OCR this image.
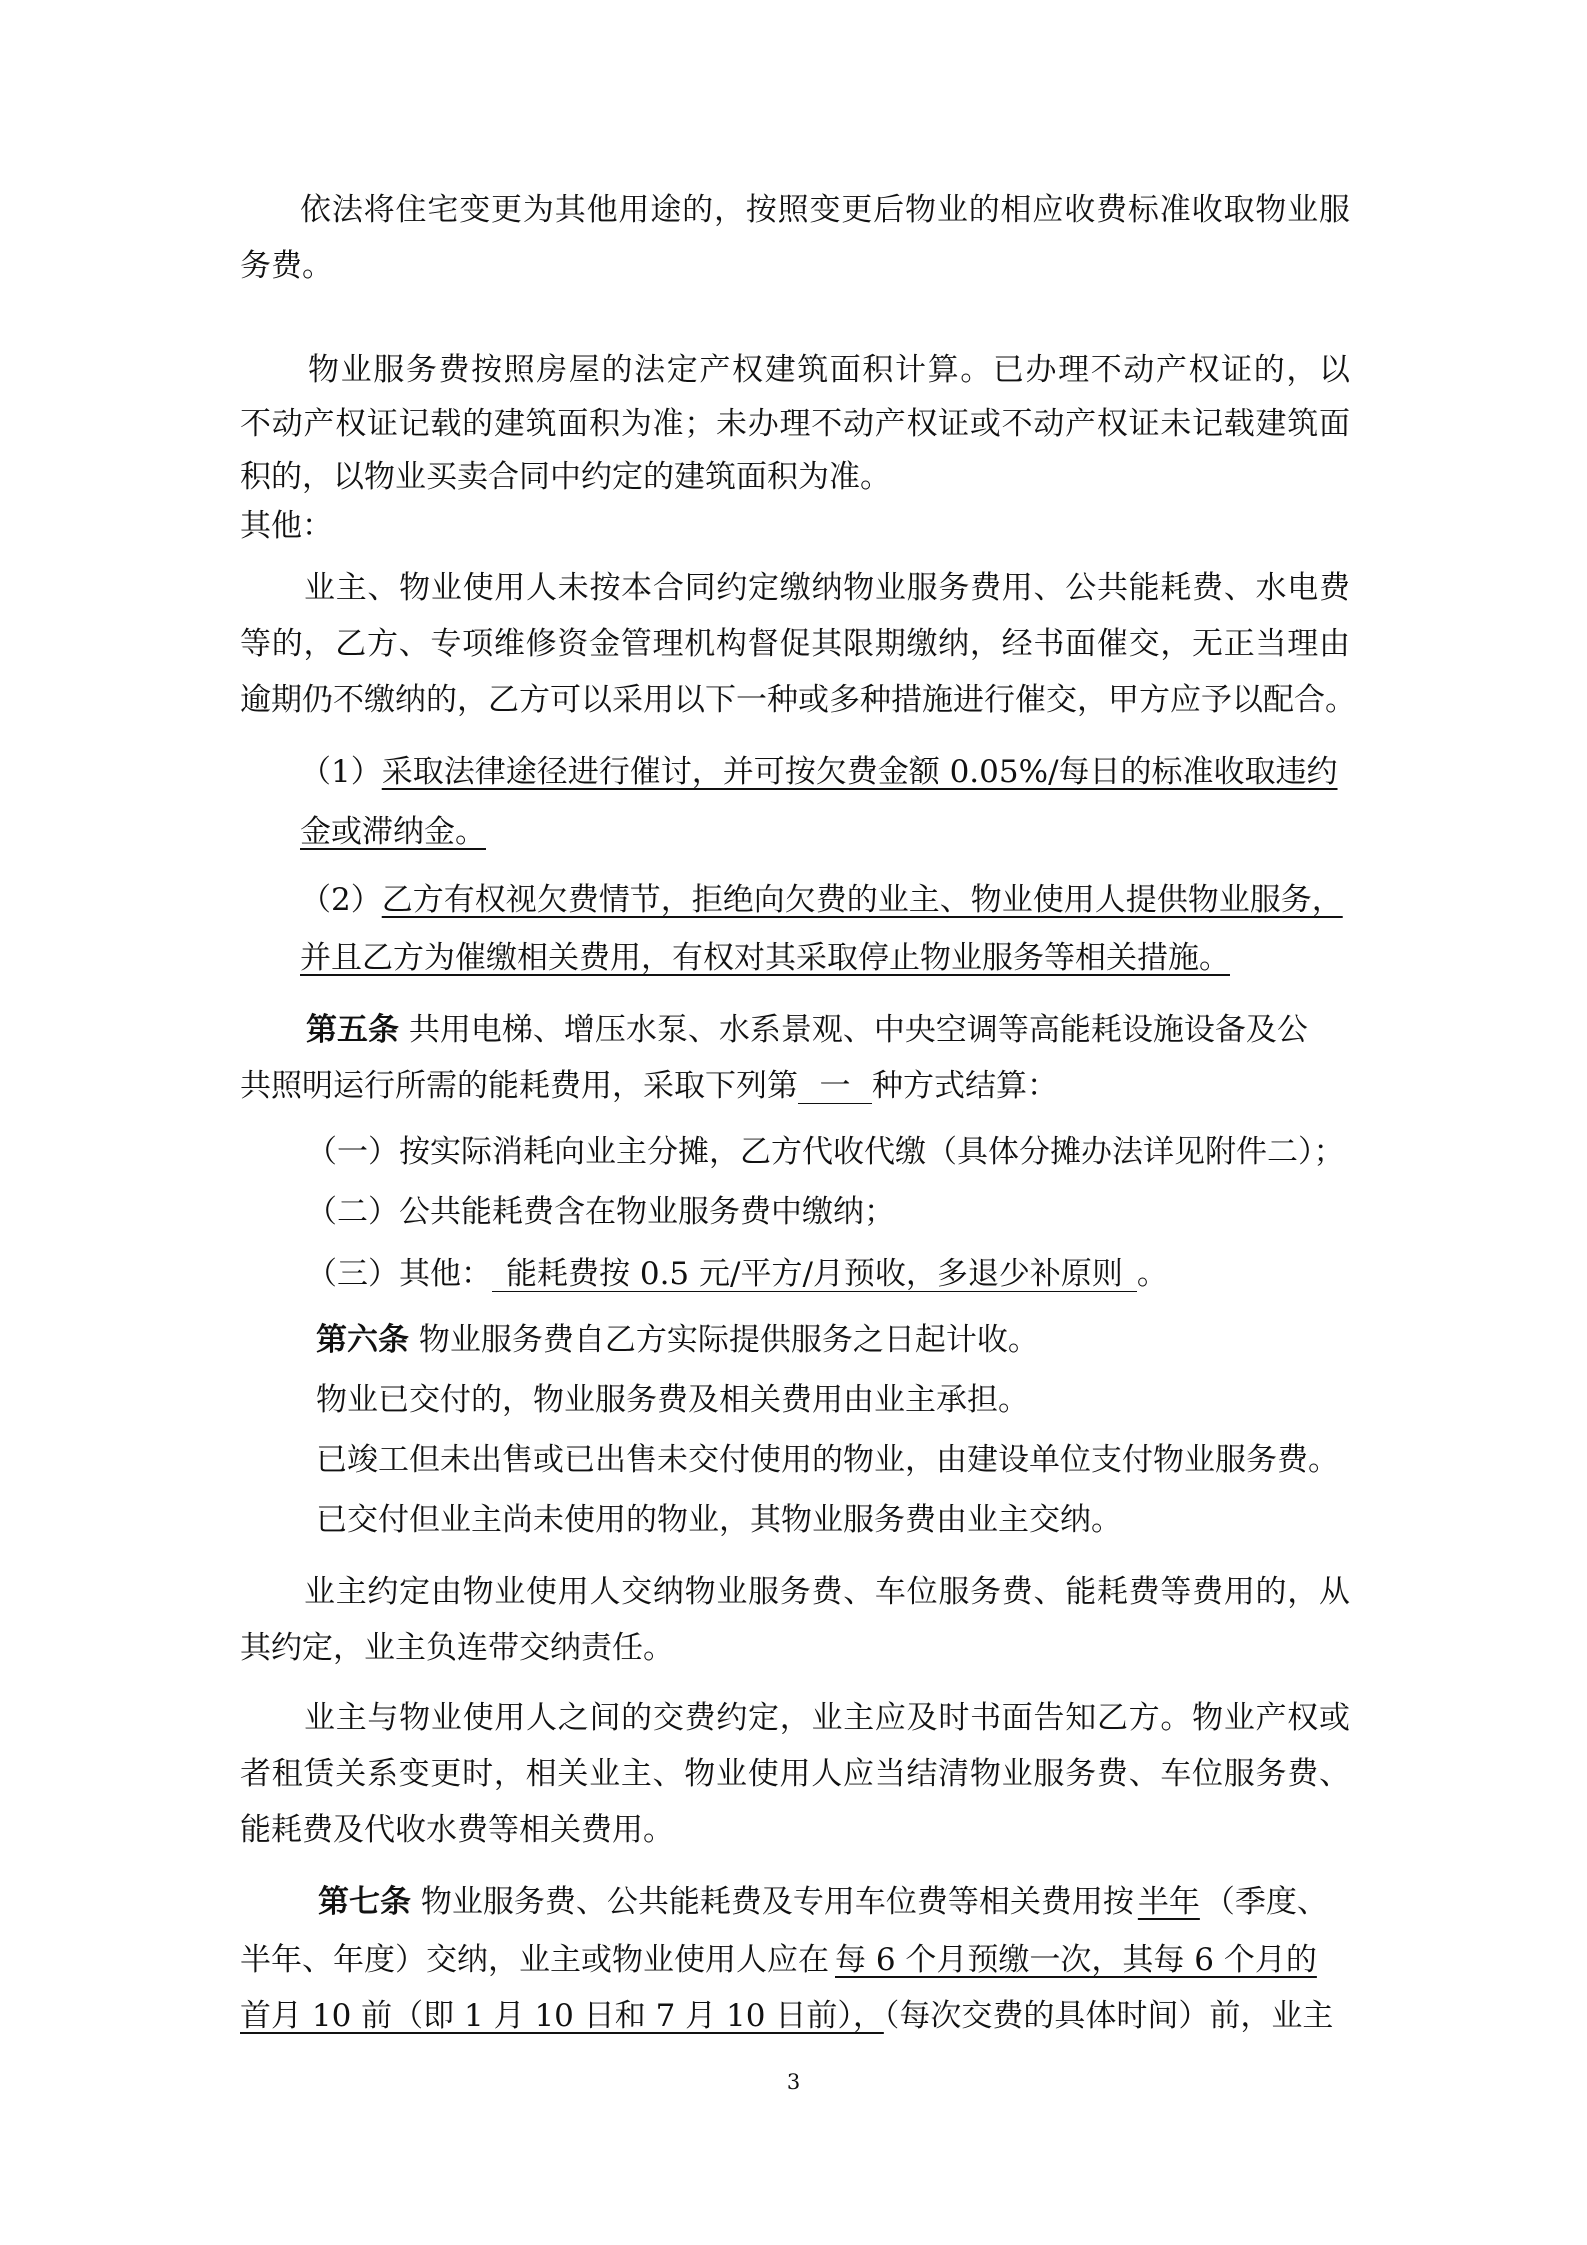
依法将住宅变更为其他用途的，按照变更后物业的相应收费标准收取物业服
务费。
物业服务费按照房屋的法定产权建筑面积计算。已办理不动产权证的，以
不动产权证记载的建筑面积为准；未办理不动产权证或不动产权证未记载建筑面
积的，以物业买卖合同中约定的建筑面积为准。
其他：
业主、物业使用人未按本合同约定缴纳物业服务费用、公共能耗费、水电费
等的，乙方、专项维修资金管理机构督促其限期缴纳，经书面催交，无正当理由
逾期仍不缴纳的，乙方可以采用以下一种或多种措施进行催交，甲方应予以配合。
（1）采取法律途径进行催讨，并可按欠费金额 0.05%/每日的标准收取违约
金或滞纳金。
（2）乙方有权视欠费情节，拒绝向欠费的业主、物业使用人提供物业服务，
并且乙方为催缴相关费用，有权对其采取停止物业服务等相关措施。
第五条 共用电梯、增压水泵、水系景观、中央空调等高能耗设施设备及公
共照明运行所需的能耗费用，采取下列第 一 种方式结算：
（一）按实际消耗向业主分摊，乙方代收代缴（具体分摊办法详见附件二）；
（二）公共能耗费含在物业服务费中缴纳；
（三）其他： 能耗费按 0.5 元/平方/月预收，多退少补原则 。
第六条 物业服务费自乙方实际提供服务之日起计收。
物业已交付的，物业服务费及相关费用由业主承担。
已竣工但未出售或已出售未交付使用的物业，由建设单位支付物业服务费。
已交付但业主尚未使用的物业，其物业服务费由业主交纳。
业主约定由物业使用人交纳物业服务费、车位服务费、能耗费等费用的，从
其约定，业主负连带交纳责任。
业主与物业使用人之间的交费约定，业主应及时书面告知乙方。物业产权或
者租赁关系变更时，相关业主、物业使用人应当结清物业服务费、车位服务费、
能耗费及代收水费等相关费用。
第七条 物业服务费、公共能耗费及专用车位费等相关费用按 半年 （季度、
半年、年度）交纳，业主或物业使用人应在 每 6 个月预缴一次，其每 6 个月的
首月 10 前（即 1 月 10 日和 7 月 10 日前），（每次交费的具体时间）前，业主
3
